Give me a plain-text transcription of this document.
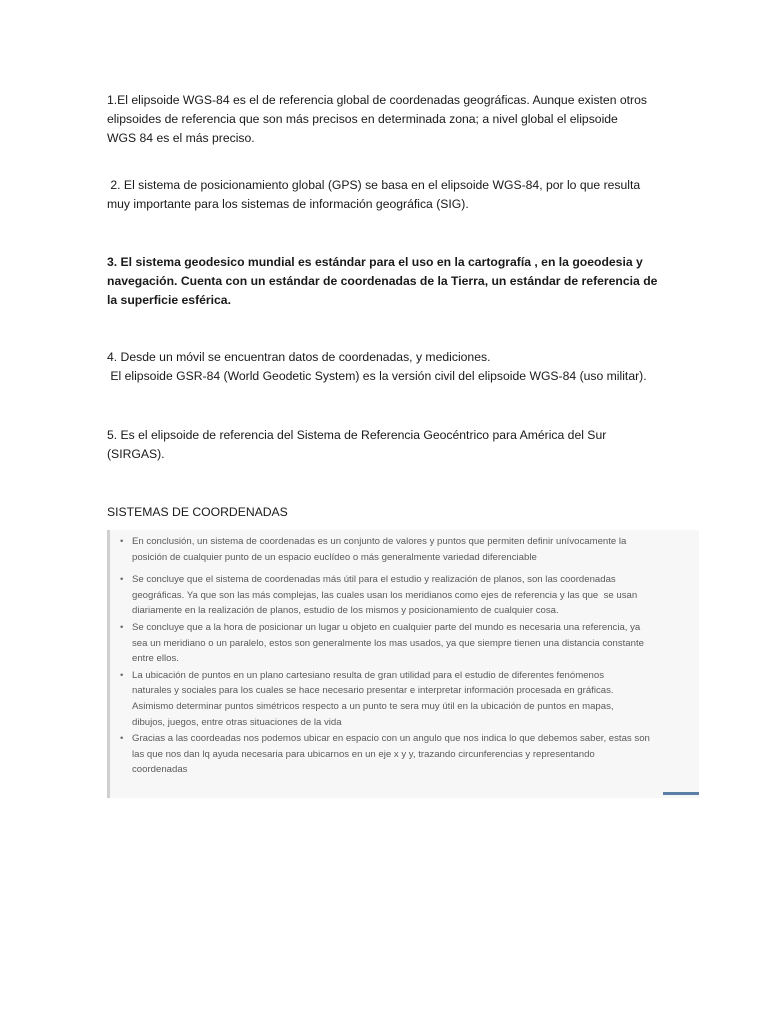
1.El elipsoide WGS-84 es el de referencia global de coordenadas geográficas. Aunque existen otros
elipsoides de referencia que son más precisos en determinada zona; a nivel global el elipsoide
WGS 84 es el más preciso.

2. El sistema de posicionamiento global (GPS) se basa en el elipsoide WGS-84, por lo que resulta
muy importante para los sistemas de información geográfica (SIG).

3. El sistema geodesico mundial es estándar para el uso en la cartografía , en la goeodesia y
navegación. Cuenta con un estándar de coordenadas de la Tierra, un estándar de referencia de
la superficie esférica.

4. Desde un móvil se encuentran datos de coordenadas, y mediciones.
El elipsoide GSR-84 (World Geodetic System) es la versión civil del elipsoide WGS-84 (uso militar).

5. Es el elipsoide de referencia del Sistema de Referencia Geocéntrico para América del Sur
(SIRGAS).

SISTEMAS DE COORDENADAS

• En conclusión, un sistema de coordenadas es un conjunto de valores y puntos que permiten definir unívocamente la
posición de cualquier punto de un espacio euclídeo o más generalmente variedad diferenciable
• Se concluye que el sistema de coordenadas más útil para el estudio y realización de planos, son las coordenadas
geográficas. Ya que son las más complejas, las cuales usan los meridianos como ejes de referencia y las que  se usan
diariamente en la realización de planos, estudio de los mismos y posicionamiento de cualquier cosa.
• Se concluye que a la hora de posicionar un lugar u objeto en cualquier parte del mundo es necesaria una referencia, ya
sea un meridiano o un paralelo, estos son generalmente los mas usados, ya que siempre tienen una distancia constante
entre ellos.
• La ubicación de puntos en un plano cartesiano resulta de gran utilidad para el estudio de diferentes fenómenos
naturales y sociales para los cuales se hace necesario presentar e interpretar información procesada en gráficas.
Asimismo determinar puntos simétricos respecto a un punto te sera muy útil en la ubicación de puntos en mapas,
dibujos, juegos, entre otras situaciones de la vida
• Gracias a las coordeadas nos podemos ubicar en espacio con un angulo que nos indica lo que debemos saber, estas son
las que nos dan lq ayuda necesaria para ubicarnos en un eje x y y, trazando circunferencias y representando
coordenadas
